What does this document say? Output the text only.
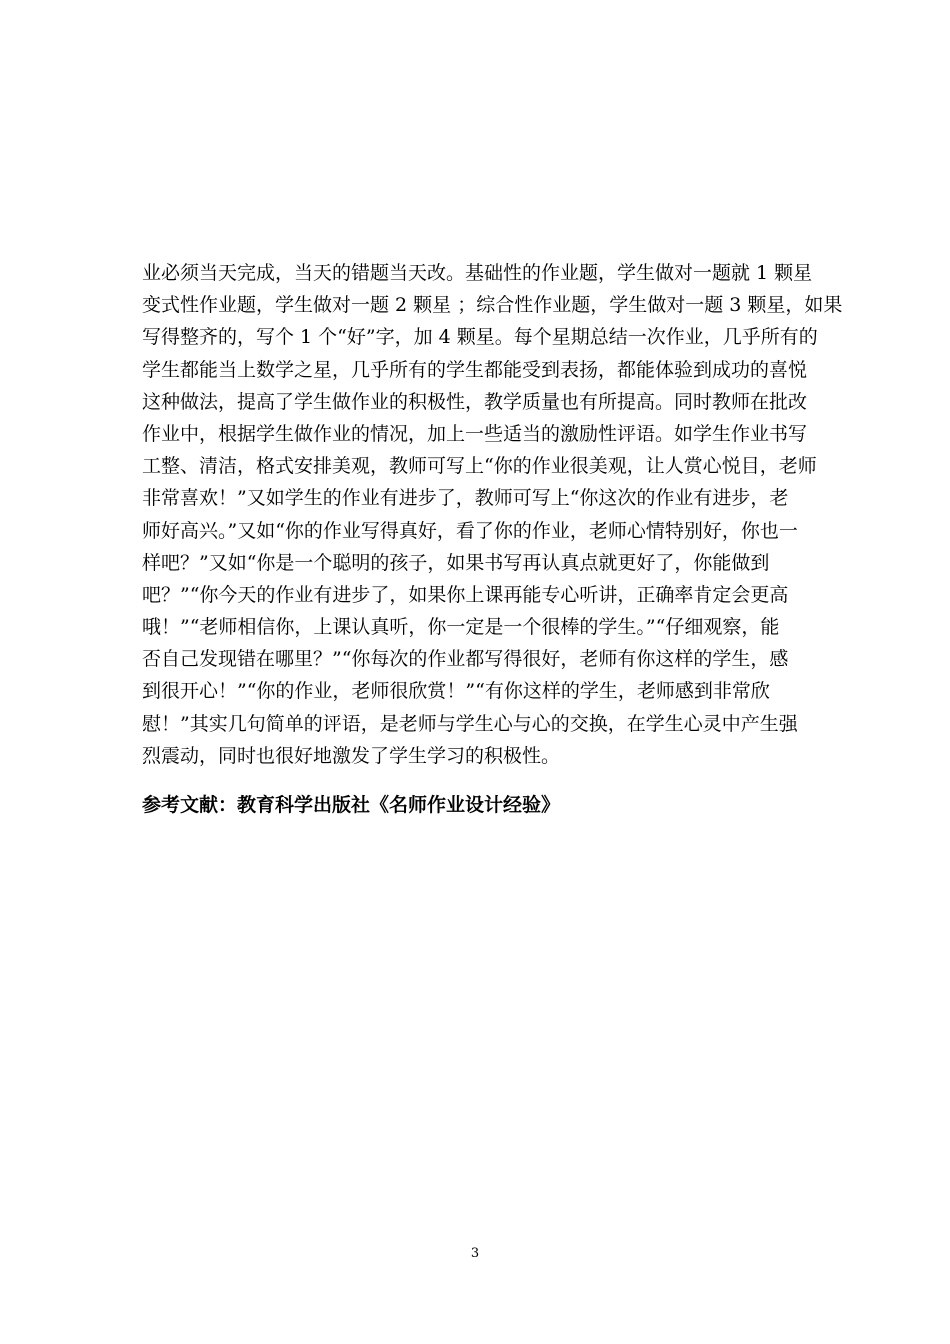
业必须当天完成，当天的错题当天改。基础性的作业题，学生做对一题就 1 颗星
变式性作业题，学生做对一题 2 颗星 ；综合性作业题，学生做对一题 3 颗星，如果
写得整齐的，写个 1 个“好”字，加 4 颗星。每个星期总结一次作业，几乎所有的
学生都能当上数学之星，几乎所有的学生都能受到表扬，都能体验到成功的喜悦
这种做法，提高了学生做作业的积极性，教学质量也有所提高。同时教师在批改
作业中，根据学生做作业的情况，加上一些适当的激励性评语。如学生作业书写
工整、清洁，格式安排美观，教师可写上“你的作业很美观，让人赏心悦目，老师
非常喜欢！”又如学生的作业有进步了，教师可写上“你这次的作业有进步，老
师好高兴。”又如“你的作业写得真好，看了你的作业，老师心情特别好，你也一
样吧？”又如“你是一个聪明的孩子，如果书写再认真点就更好了，你能做到
吧？”“你今天的作业有进步了，如果你上课再能专心听讲，正确率肯定会更高
哦！”“老师相信你，上课认真听，你一定是一个很棒的学生。”“仔细观察，能
否自己发现错在哪里？”“你每次的作业都写得很好，老师有你这样的学生，感
到很开心！”“你的作业，老师很欣赏！”“有你这样的学生，老师感到非常欣
慰！”其实几句简单的评语，是老师与学生心与心的交换，在学生心灵中产生强
烈震动，同时也很好地激发了学生学习的积极性。
参考文献：教育科学出版社《名师作业设计经验》
3
